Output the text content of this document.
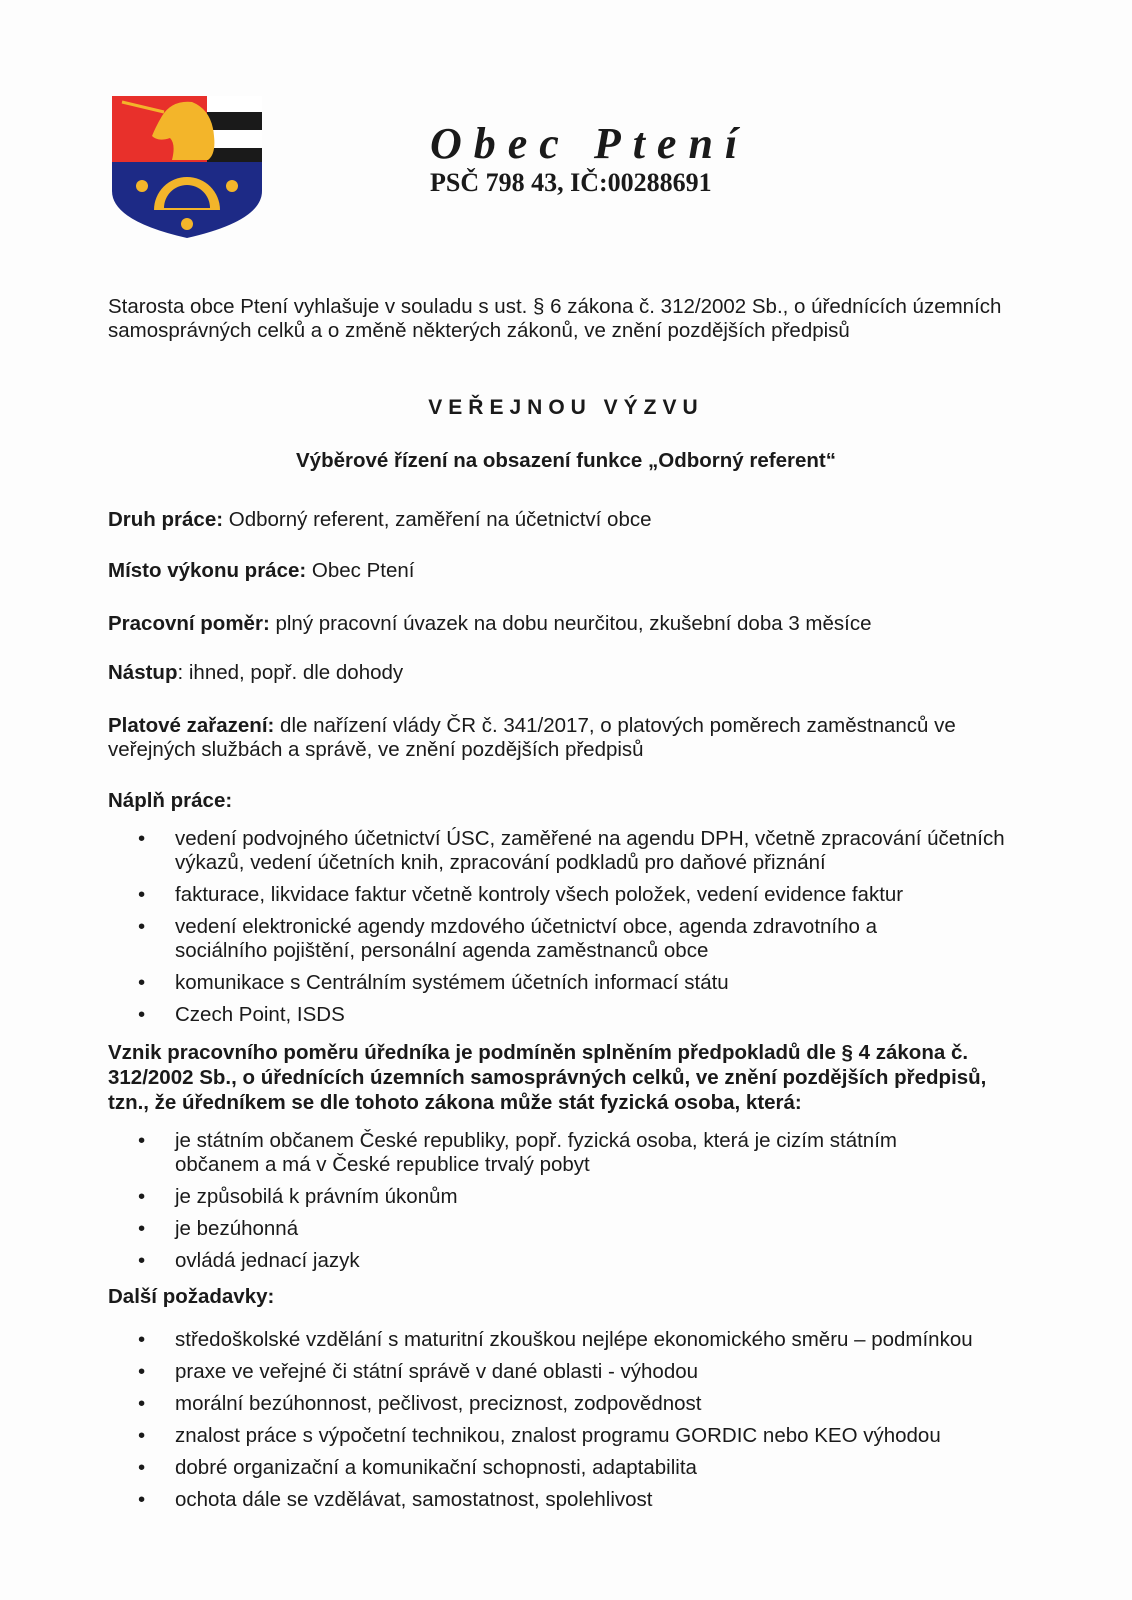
Obec Ptení
PSČ 798 43, IČ:00288691
Starosta obce Ptení vyhlašuje v souladu s ust. § 6 zákona č. 312/2002 Sb., o úřednících územních samosprávných celků a o změně některých zákonů, ve znění pozdějších předpisů
VEŘEJNOU VÝZVU
Výběrové řízení na obsazení funkce „Odborný referent“
Druh práce: Odborný referent, zaměření na účetnictví obce
Místo výkonu práce: Obec Ptení
Pracovní poměr: plný pracovní úvazek na dobu neurčitou, zkušební doba 3 měsíce
Nástup: ihned, popř. dle dohody
Platové zařazení: dle nařízení vlády ČR č. 341/2017, o platových poměrech zaměstnanců ve veřejných službách a správě, ve znění pozdějších předpisů
Náplň práce:
• vedení podvojného účetnictví ÚSC, zaměřené na agendu DPH, včetně zpracování účetních výkazů, vedení účetních knih, zpracování podkladů pro daňové přiznání
• fakturace, likvidace faktur včetně kontroly všech položek, vedení evidence faktur
• vedení elektronické agendy mzdového účetnictví obce, agenda zdravotního a sociálního pojištění, personální agenda zaměstnanců obce
• komunikace s Centrálním systémem účetních informací státu
• Czech Point, ISDS
Vznik pracovního poměru úředníka je podmíněn splněním předpokladů dle § 4 zákona č. 312/2002 Sb., o úřednících územních samosprávných celků, ve znění pozdějších předpisů, tzn., že úředníkem se dle tohoto zákona může stát fyzická osoba, která:
• je státním občanem České republiky, popř. fyzická osoba, která je cizím státním občanem a má v České republice trvalý pobyt
• je způsobilá k právním úkonům
• je bezúhonná
• ovládá jednací jazyk
Další požadavky:
• středoškolské vzdělání s maturitní zkouškou nejlépe ekonomického směru – podmínkou
• praxe ve veřejné či státní správě v dané oblasti - výhodou
• morální bezúhonnost, pečlivost, preciznost, zodpovědnost
• znalost práce s výpočetní technikou, znalost programu GORDIC nebo KEO výhodou
• dobré organizační a komunikační schopnosti, adaptabilita
• ochota dále se vzdělávat, samostatnost, spolehlivost
